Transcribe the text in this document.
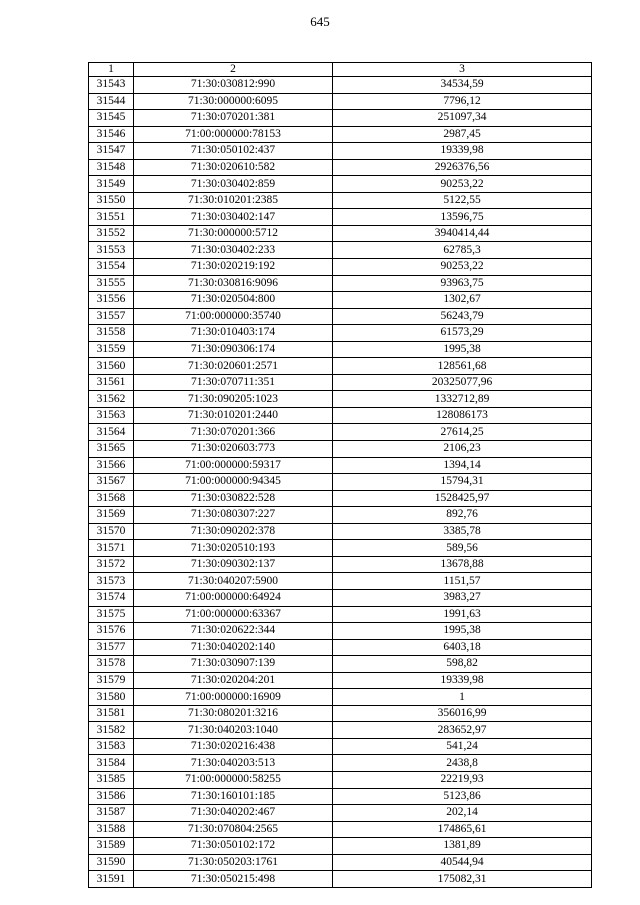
645
1	2	3
31543	71:30:030812:990	34534,59
31544	71:30:000000:6095	7796,12
31545	71:30:070201:381	251097,34
31546	71:00:000000:78153	2987,45
31547	71:30:050102:437	19339,98
31548	71:30:020610:582	2926376,56
31549	71:30:030402:859	90253,22
31550	71:30:010201:2385	5122,55
31551	71:30:030402:147	13596,75
31552	71:30:000000:5712	3940414,44
31553	71:30:030402:233	62785,3
31554	71:30:020219:192	90253,22
31555	71:30:030816:9096	93963,75
31556	71:30:020504:800	1302,67
31557	71:00:000000:35740	56243,79
31558	71:30:010403:174	61573,29
31559	71:30:090306:174	1995,38
31560	71:30:020601:2571	128561,68
31561	71:30:070711:351	20325077,96
31562	71:30:090205:1023	1332712,89
31563	71:30:010201:2440	128086173
31564	71:30:070201:366	27614,25
31565	71:30:020603:773	2106,23
31566	71:00:000000:59317	1394,14
31567	71:00:000000:94345	15794,31
31568	71:30:030822:528	1528425,97
31569	71:30:080307:227	892,76
31570	71:30:090202:378	3385,78
31571	71:30:020510:193	589,56
31572	71:30:090302:137	13678,88
31573	71:30:040207:5900	1151,57
31574	71:00:000000:64924	3983,27
31575	71:00:000000:63367	1991,63
31576	71:30:020622:344	1995,38
31577	71:30:040202:140	6403,18
31578	71:30:030907:139	598,82
31579	71:30:020204:201	19339,98
31580	71:00:000000:16909	1
31581	71:30:080201:3216	356016,99
31582	71:30:040203:1040	283652,97
31583	71:30:020216:438	541,24
31584	71:30:040203:513	2438,8
31585	71:00:000000:58255	22219,93
31586	71:30:160101:185	5123,86
31587	71:30:040202:467	202,14
31588	71:30:070804:2565	174865,61
31589	71:30:050102:172	1381,89
31590	71:30:050203:1761	40544,94
31591	71:30:050215:498	175082,31
